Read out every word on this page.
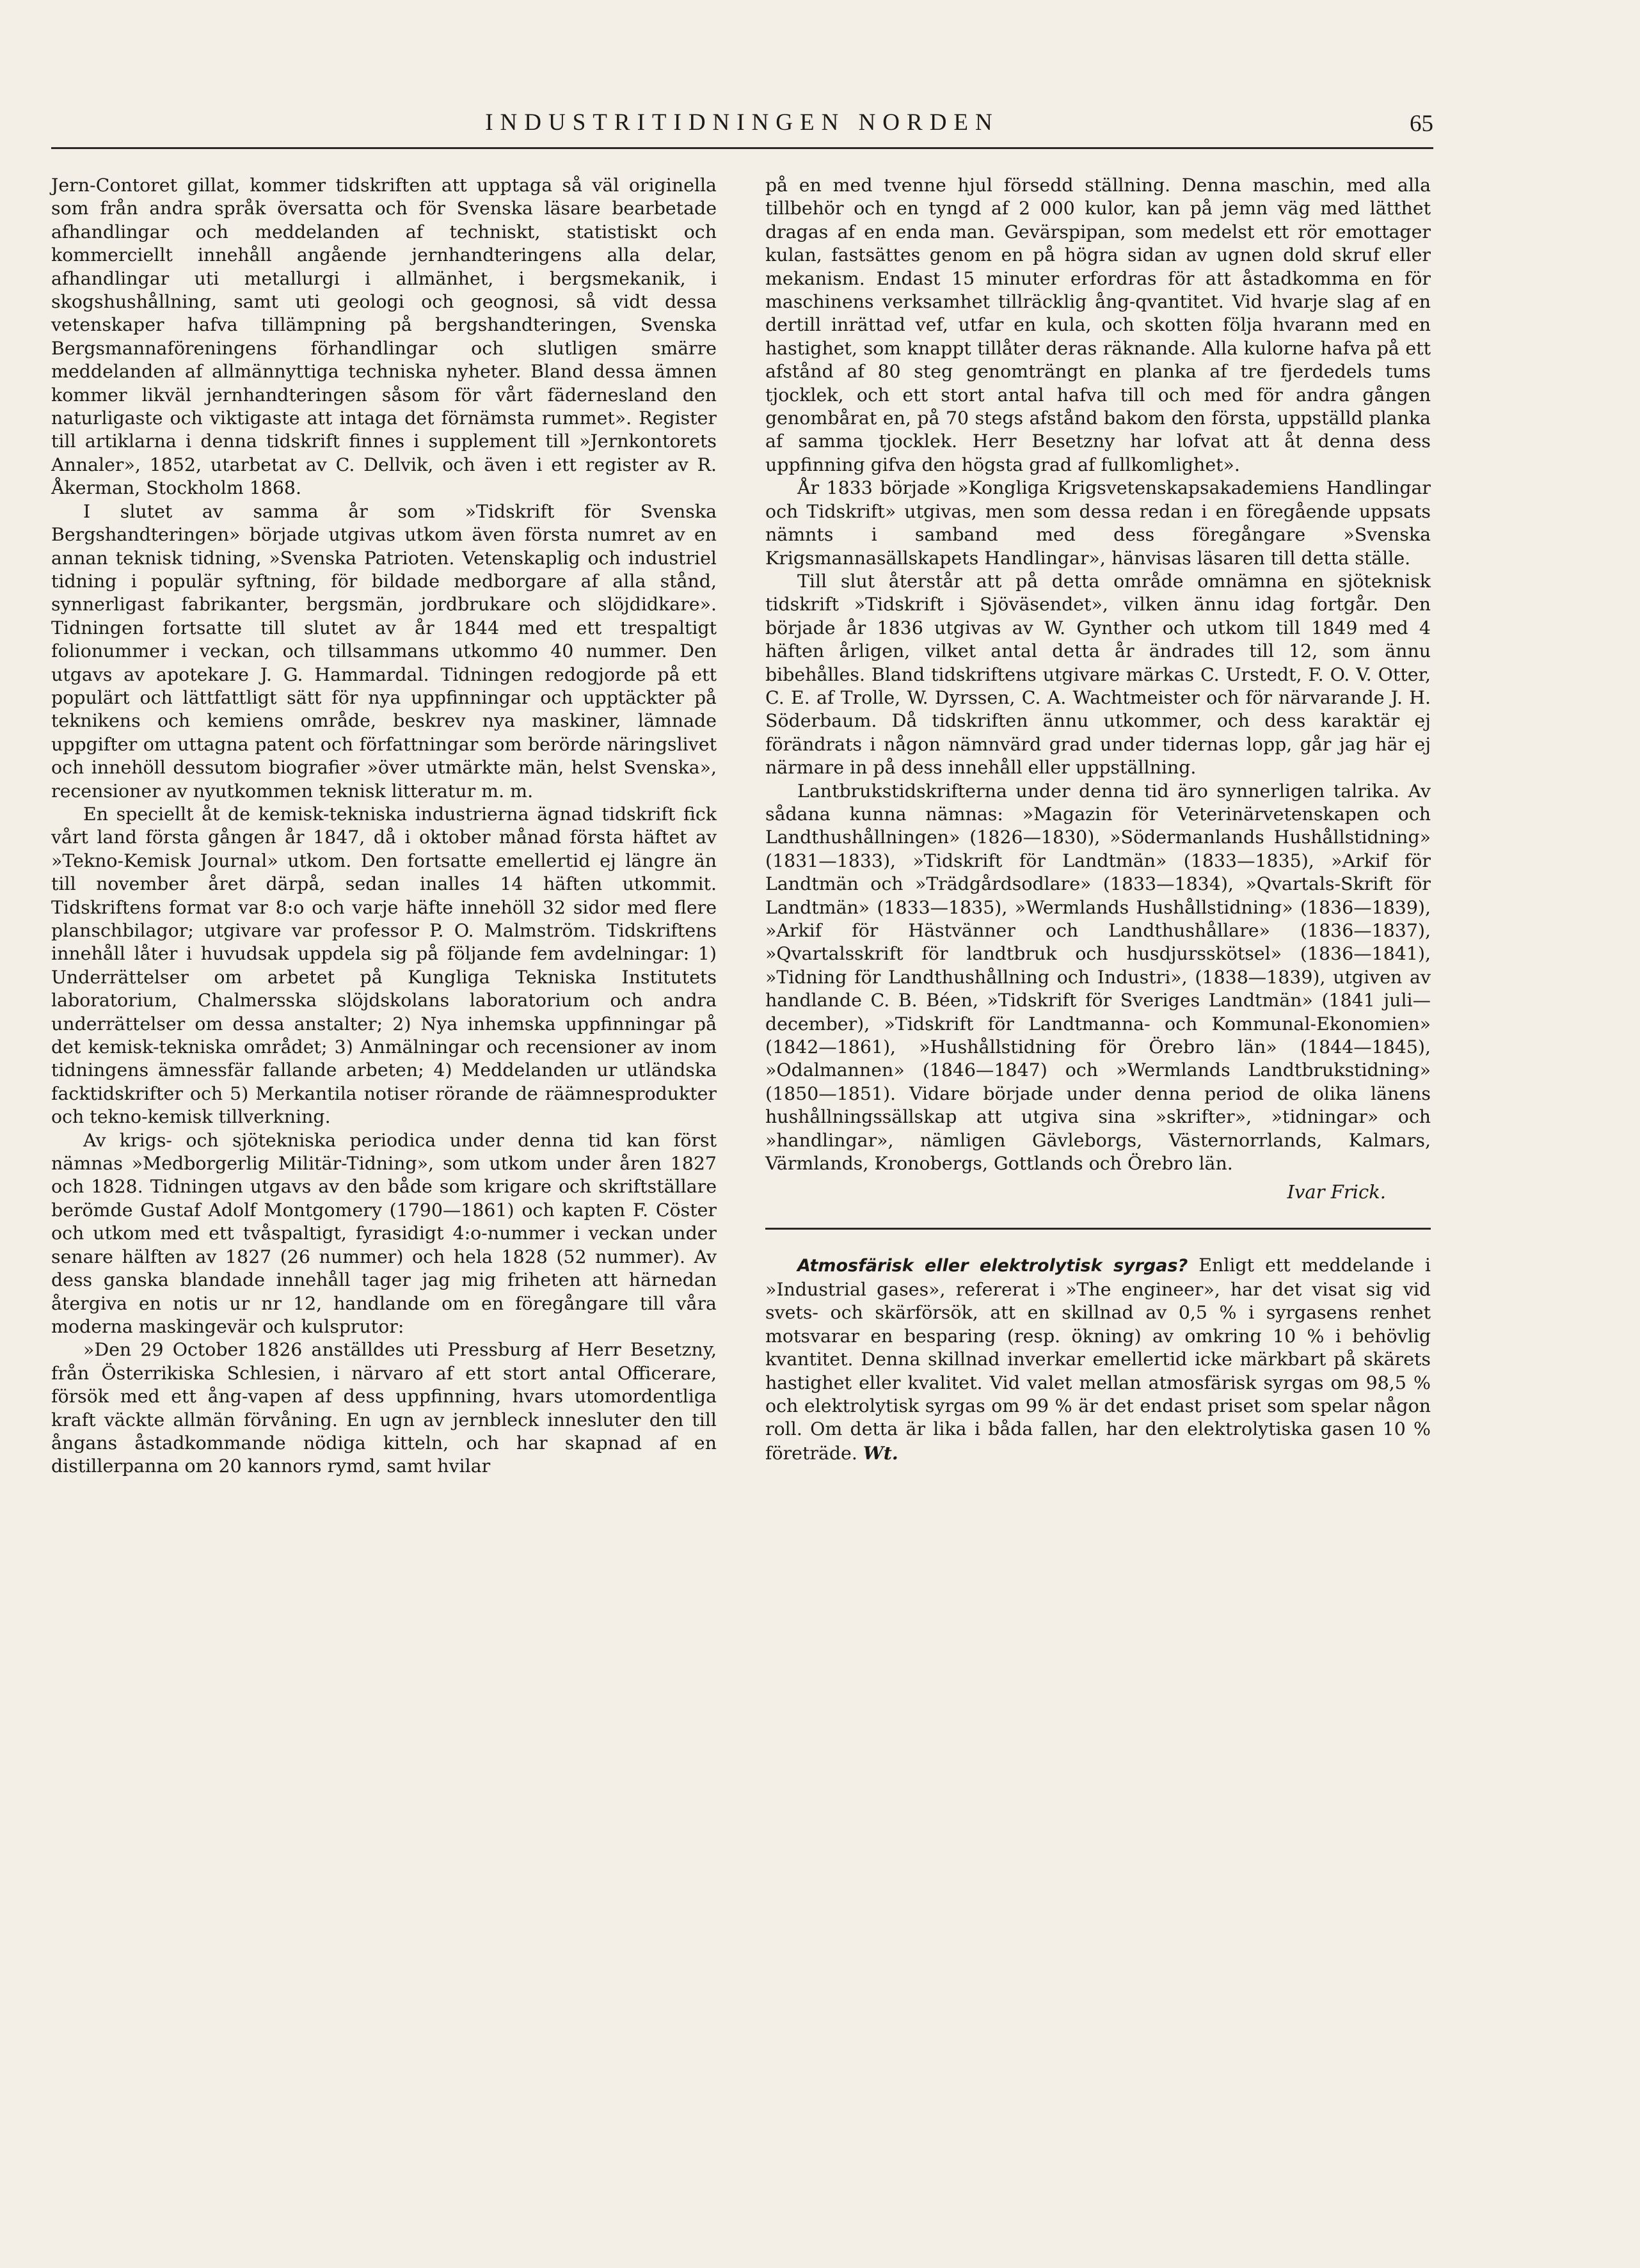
INDUSTRITIDNINGEN NORDEN	65

Jern-Contoret gillat, kommer tidskriften att upptaga så väl originella som från andra språk översatta och för Svenska läsare bearbetade afhandlingar och meddelanden af techniskt, statistiskt och kommerciellt innehåll angående jernhandteringens alla delar, afhandlingar uti metallurgi i allmänhet, i bergsmekanik, i skogshushållning, samt uti geologi och geognosi, så vidt dessa vetenskaper hafva tillämpning på bergshandteringen, Svenska Bergsmannaföreningens förhandlingar och slutligen smärre meddelanden af allmännyttiga techniska nyheter. Bland dessa ämnen kommer likväl jernhandteringen såsom för vårt fädernesland den naturligaste och viktigaste att intaga det förnämsta rummet». Register till artiklarna i denna tidskrift finnes i supplement till »Jernkontorets Annaler», 1852, utarbetat av C. Dellvik, och även i ett register av R. Åkerman, Stockholm 1868.

I slutet av samma år som »Tidskrift för Svenska Bergshandteringen» började utgivas utkom även första numret av en annan teknisk tidning, »Svenska Patrioten. Vetenskaplig och industriel tidning i populär syftning, för bildade medborgare af alla stånd, synnerligast fabrikanter, bergsmän, jordbrukare och slöjdidkare». Tidningen fortsatte till slutet av år 1844 med ett trespaltigt folionummer i veckan, och tillsammans utkommo 40 nummer. Den utgavs av apotekare J. G. Hammardal. Tidningen redogjorde på ett populärt och lättfattligt sätt för nya uppfinningar och upptäckter på teknikens och kemiens område, beskrev nya maskiner, lämnade uppgifter om uttagna patent och författningar som berörde näringslivet och innehöll dessutom biografier »över utmärkte män, helst Svenska», recensioner av nyutkommen teknisk litteratur m. m.

En speciellt åt de kemisk-tekniska industrierna ägnad tidskrift fick vårt land första gången år 1847, då i oktober månad första häftet av »Tekno-Kemisk Journal» utkom. Den fortsatte emellertid ej längre än till november året därpå, sedan inalles 14 häften utkommit. Tidskriftens format var 8:o och varje häfte innehöll 32 sidor med flere planschbilagor; utgivare var professor P. O. Malmström. Tidskriftens innehåll låter i huvudsak uppdela sig på följande fem avdelningar: 1) Underrättelser om arbetet på Kungliga Tekniska Institutets laboratorium, Chalmersska slöjdskolans laboratorium och andra underrättelser om dessa anstalter; 2) Nya inhemska uppfinningar på det kemisk-tekniska området; 3) Anmälningar och recensioner av inom tidningens ämnessfär fallande arbeten; 4) Meddelanden ur utländska facktidskrifter och 5) Merkantila notiser rörande de räämnesprodukter och tekno-kemisk tillverkning.

Av krigs- och sjötekniska periodica under denna tid kan först nämnas »Medborgerlig Militär-Tidning», som utkom under åren 1827 och 1828. Tidningen utgavs av den både som krigare och skriftställare berömde Gustaf Adolf Montgomery (1790—1861) och kapten F. Cöster och utkom med ett tvåspaltigt, fyrasidigt 4:o-nummer i veckan under senare hälften av 1827 (26 nummer) och hela 1828 (52 nummer). Av dess ganska blandade innehåll tager jag mig friheten att härnedan återgiva en notis ur nr 12, handlande om en föregångare till våra moderna maskingevär och kulsprutor:

»Den 29 October 1826 anställdes uti Pressburg af Herr Besetzny, från Österrikiska Schlesien, i närvaro af ett stort antal Officerare, försök med ett ång-vapen af dess uppfinning, hvars utomordentliga kraft väckte allmän förvåning. En ugn av jernbleck innesluter den till ångans åstadkommande nödiga kitteln, och har skapnad af en distillerpanna om 20 kannors rymd, samt hvilar

på en med tvenne hjul försedd ställning. Denna maschin, med alla tillbehör och en tyngd af 2 000 kulor, kan på jemn väg med lätthet dragas af en enda man. Gevärspipan, som medelst ett rör emottager kulan, fastsättes genom en på högra sidan av ugnen dold skruf eller mekanism. Endast 15 minuter erfordras för att åstadkomma en för maschinens verksamhet tillräcklig ång-qvantitet. Vid hvarje slag af en dertill inrättad vef, utfar en kula, och skotten följa hvarann med en hastighet, som knappt tillåter deras räknande. Alla kulorne hafva på ett afstånd af 80 steg genomträngt en planka af tre fjerdedels tums tjocklek, och ett stort antal hafva till och med för andra gången genombårat en, på 70 stegs afstånd bakom den första, uppställd planka af samma tjocklek. Herr Besetzny har lofvat att åt denna dess uppfinning gifva den högsta grad af fullkomlighet».

År 1833 började »Kongliga Krigsvetenskapsakademiens Handlingar och Tidskrift» utgivas, men som dessa redan i en föregående uppsats nämnts i samband med dess föregångare »Svenska Krigsmannasällskapets Handlingar», hänvisas läsaren till detta ställe.

Till slut återstår att på detta område omnämna en sjöteknisk tidskrift »Tidskrift i Sjöväsendet», vilken ännu idag fortgår. Den började år 1836 utgivas av W. Gynther och utkom till 1849 med 4 häften årligen, vilket antal detta år ändrades till 12, som ännu bibehålles. Bland tidskriftens utgivare märkas C. Urstedt, F. O. V. Otter, C. E. af Trolle, W. Dyrssen, C. A. Wachtmeister och för närvarande J. H. Söderbaum. Då tidskriften ännu utkommer, och dess karaktär ej förändrats i någon nämnvärd grad under tidernas lopp, går jag här ej närmare in på dess innehåll eller uppställning.

Lantbrukstidskrifterna under denna tid äro synnerligen talrika. Av sådana kunna nämnas: »Magazin för Veterinärvetenskapen och Landthushållningen» (1826—1830), »Södermanlands Hushållstidning» (1831—1833), »Tidskrift för Landtmän» (1833—1835), »Arkif för Landtmän och »Trädgårdsodlare» (1833—1834), »Qvartals-Skrift för Landtmän» (1833—1835), »Wermlands Hushållstidning» (1836—1839), »Arkif för Hästvänner och Landthushållare» (1836—1837), »Qvartalsskrift för landtbruk och husdjursskötsel» (1836—1841), »Tidning för Landthushållning och Industri», (1838—1839), utgiven av handlande C. B. Béen, »Tidskrift för Sveriges Landtmän» (1841 juli—december), »Tidskrift för Landtmanna- och Kommunal-Ekonomien» (1842—1861), »Hushållstidning för Örebro län» (1844—1845), »Odalmannen» (1846—1847) och »Wermlands Landtbrukstidning» (1850—1851). Vidare började under denna period de olika länens hushållningssällskap att utgiva sina »skrifter», »tidningar» och »handlingar», nämligen Gävleborgs, Västernorrlands, Kalmars, Värmlands, Kronobergs, Gottlands och Örebro län.

Ivar Frick.

Atmosfärisk eller elektrolytisk syrgas? Enligt ett meddelande i »Industrial gases», refererat i »The engineer», har det visat sig vid svets- och skärförsök, att en skillnad av 0,5 % i syrgasens renhet motsvarar en besparing (resp. ökning) av omkring 10 % i behövlig kvantitet. Denna skillnad inverkar emellertid icke märkbart på skärets hastighet eller kvalitet. Vid valet mellan atmosfärisk syrgas om 98,5 % och elektrolytisk syrgas om 99 % är det endast priset som spelar någon roll. Om detta är lika i båda fallen, har den elektrolytiska gasen 10 % företräde. Wt.
